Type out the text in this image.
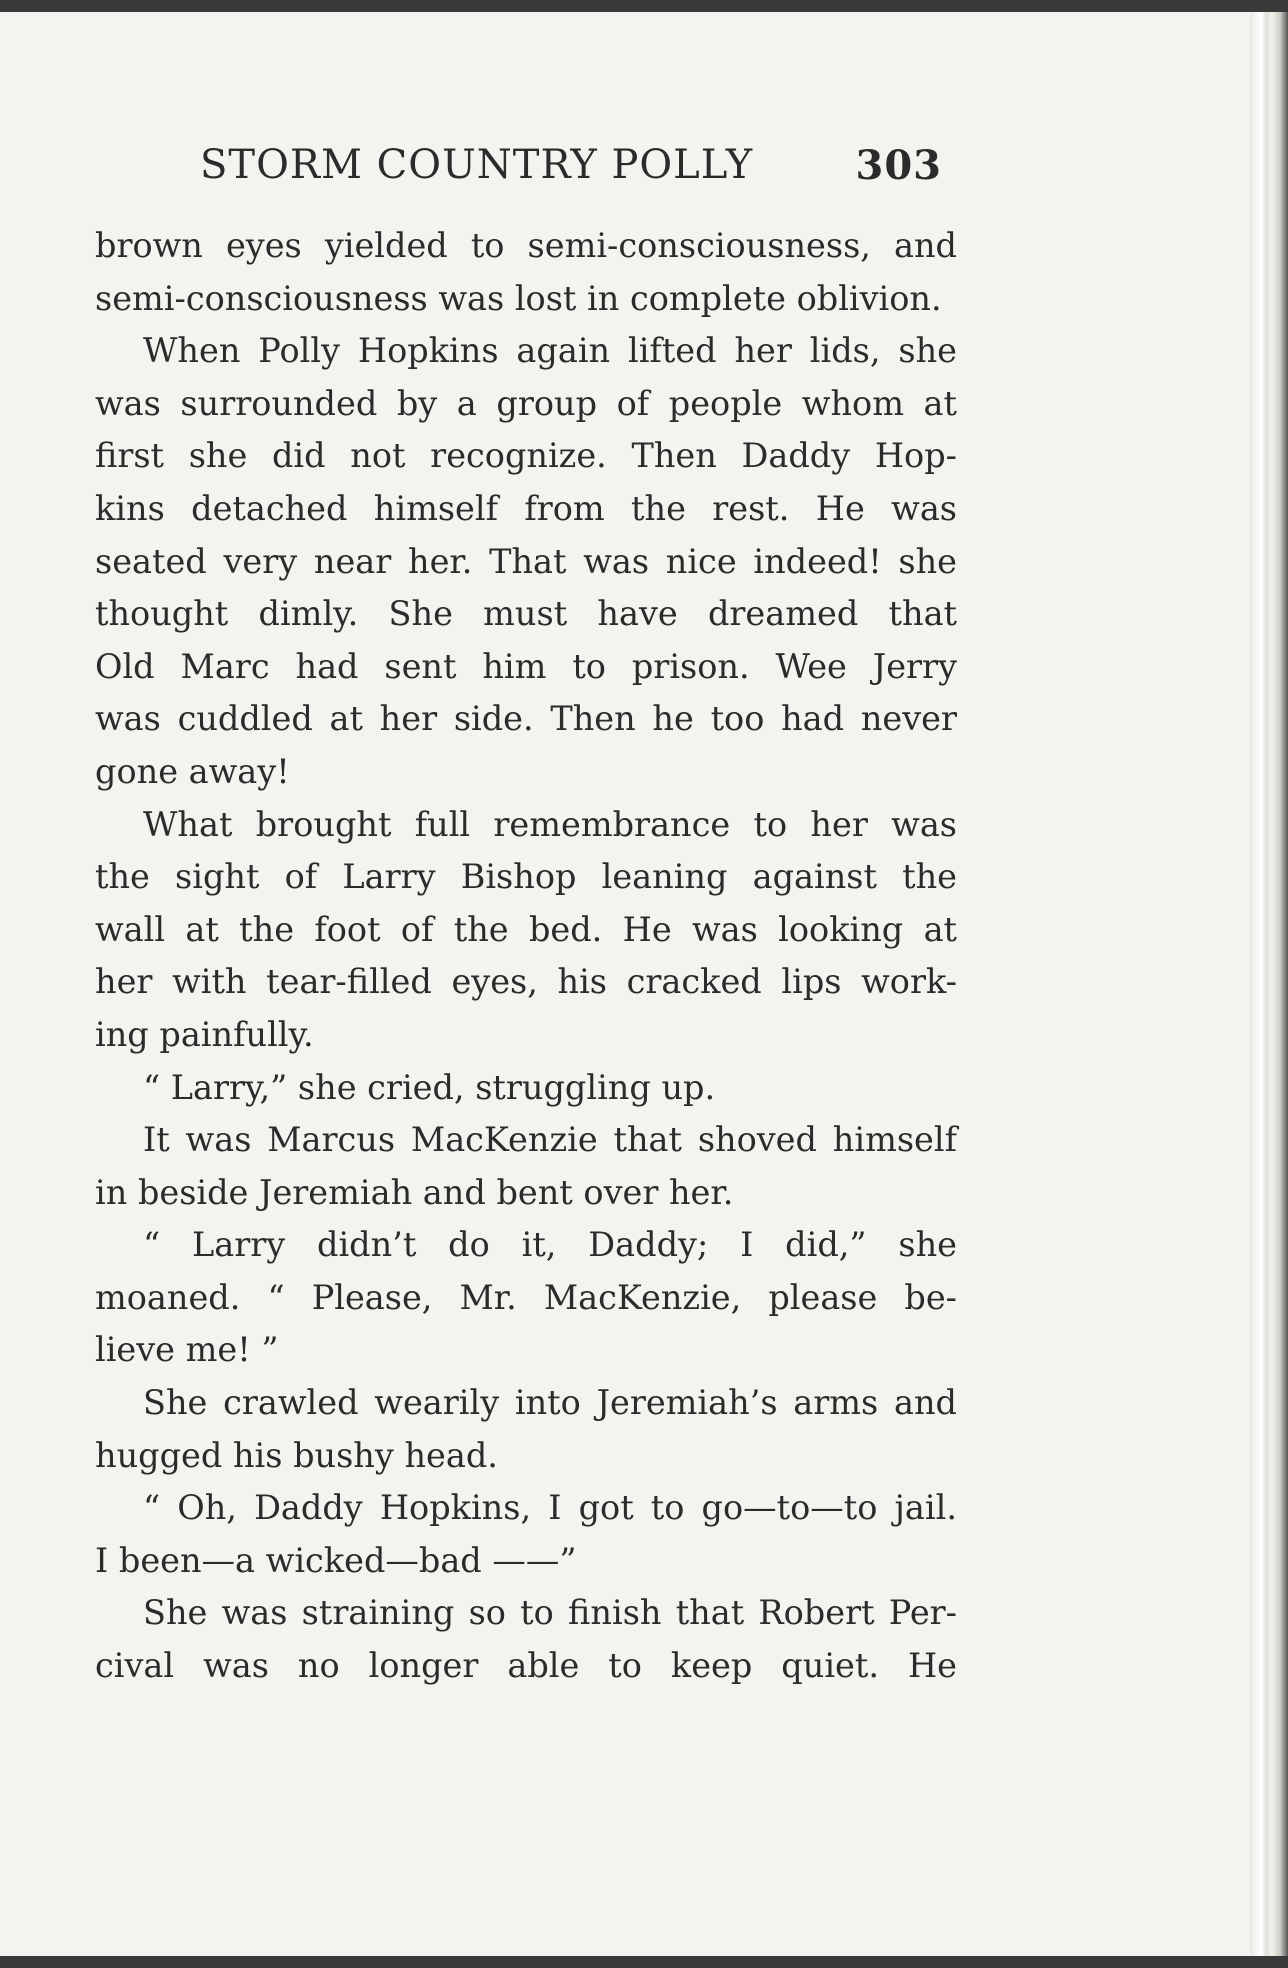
STORM COUNTRY POLLY	303
brown eyes yielded to semi-consciousness, and
semi-consciousness was lost in complete oblivion.
When Polly Hopkins again lifted her lids, she
was surrounded by a group of people whom at
first she did not recognize. Then Daddy Hop-
kins detached himself from the rest. He was
seated very near her. That was nice indeed! she
thought dimly. She must have dreamed that
Old Marc had sent him to prison. Wee Jerry
was cuddled at her side. Then he too had never
gone away!
What brought full remembrance to her was
the sight of Larry Bishop leaning against the
wall at the foot of the bed. He was looking at
her with tear-filled eyes, his cracked lips work-
ing painfully.
“ Larry,” she cried, struggling up.
It was Marcus MacKenzie that shoved himself
in beside Jeremiah and bent over her.
“ Larry didn’t do it, Daddy; I did,” she
moaned. “ Please, Mr. MacKenzie, please be-
lieve me! ”
She crawled wearily into Jeremiah’s arms and
hugged his bushy head.
“ Oh, Daddy Hopkins, I got to go—to—to jail.
I been—a wicked—bad ——”
She was straining so to finish that Robert Per-
cival was no longer able to keep quiet. He
